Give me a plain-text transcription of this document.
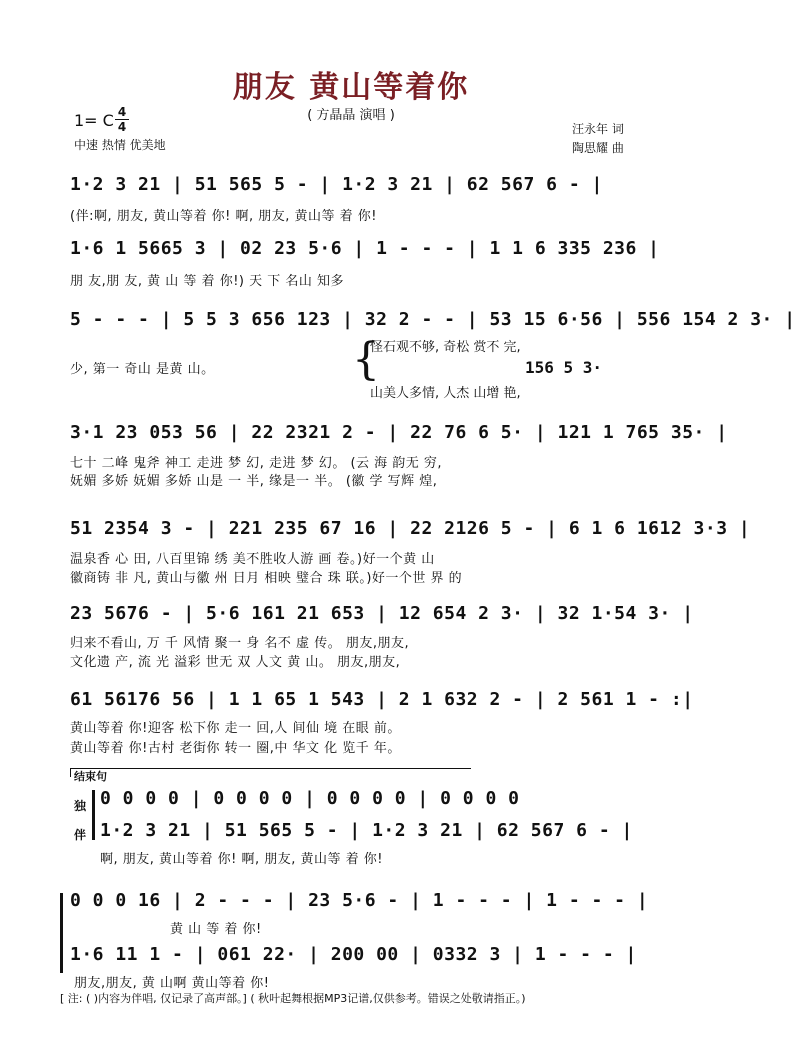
朋友 黄山等着你
( 方晶晶 演唱 )
1= C 4
4
中速 热情 优美地
汪永年 词
陶思耀 曲
1·2 3 21 | 51 565 5 - | 1·2 3 21 | 62 567 6 - |
(伴:啊, 朋友, 黄山等着 你! 啊, 朋友, 黄山等 着 你!
1·6 1 5665 3 | 02 23 5·6 | 1 - - - | 1 1 6 335 236 |
朋 友,朋 友, 黄 山 等 着 你!) 天 下 名山 知多
5 - - - | 5 5 3 656 123 | 32 2 - - | 53 15 6·56 | 556 154 2 3· |
少, 第一 奇山 是黄 山。	{
怪石观不够, 奇松 赏不 完,
156 5 3·
山美人多情, 人杰 山增 艳,
3·1 23 053 56 | 22 2321 2 - | 22 76 6 5· | 121 1 765 35· |
七十 二峰 鬼斧 神工 走进 梦 幻, 走进 梦 幻。 (云 海 韵无 穷,
妩媚 多娇 妩媚 多娇 山是 一 半, 缘是一 半。 (徽 学 写辉 煌,
51 2354 3 - | 221 235 67 16 | 22 2126 5 - | 6 1 6 1612 3·3 |
温泉香 心 田, 八百里锦 绣 美不胜收人游 画 卷。)好一个黄 山
徽商铸 非 凡, 黄山与徽 州 日月 相映 璧合 珠 联。)好一个世 界 的
23 5676 - | 5·6 161 21 653 | 12 654 2 3· | 32 1·54 3· |
归来不看山, 万 千 风情 聚一 身 名不 虚 传。 朋友,朋友,
文化遗 产, 流 光 溢彩 世无 双 人文 黄 山。 朋友,朋友,
61 56176 56 | 1 1 65 1 543 | 2 1 632 2 - | 2 561 1 - :|
黄山等着 你!迎客 松下你 走一 回,人 间仙 境 在眼 前。
黄山等着 你!古村 老街你 转一 圈,中 华文 化 览千 年。
结束句
独
伴
0 0 0 0 | 0 0 0 0 | 0 0 0 0 | 0 0 0 0
1·2 3 21 | 51 565 5 - | 1·2 3 21 | 62 567 6 - |
啊, 朋友, 黄山等着 你! 啊, 朋友, 黄山等 着 你!
0 0 0 16 | 2 - - - | 23 5·6 - | 1 - - - | 1 - - - |
黄 山 等 着 你!
1·6 11 1 - | 061 22· | 200 00 | 0332 3 | 1 - - - |
朋友,朋友, 黄 山啊 黄山等着 你!
[ 注: ( )内容为伴唱, 仅记录了高声部。] ( 秋叶起舞根据MP3记谱,仅供参考。错误之处敬请指正。)
